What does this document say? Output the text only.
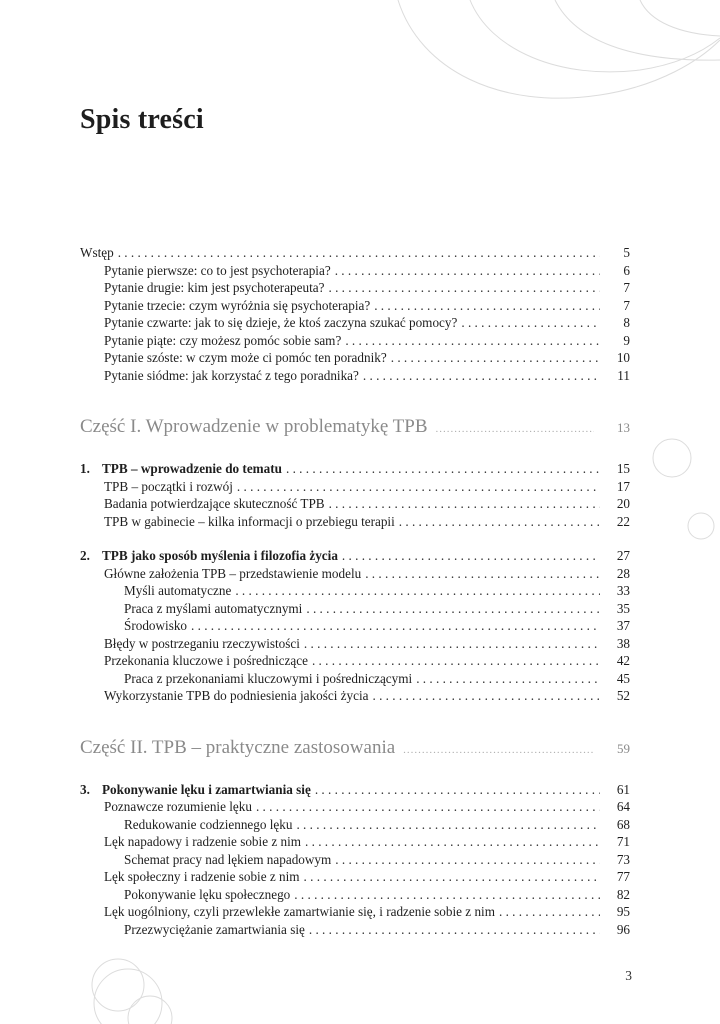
Spis treści
Wstęp . . .	5
Pytanie pierwsze: co to jest psychoterapia? . . .	6
Pytanie drugie: kim jest psychoterapeuta? . . .	7
Pytanie trzecie: czym wyróżnia się psychoterapia? . . .	7
Pytanie czwarte: jak to się dzieje, że ktoś zaczyna szukać pomocy? . . .	8
Pytanie piąte: czy możesz pomóc sobie sam? . . .	9
Pytanie szóste: w czym może ci pomóc ten poradnik? . . .	10
Pytanie siódme: jak korzystać z tego poradnika? . . .	11
Część I. Wprowadzenie w problematykę TPB .....	13
1. TPB – wprowadzenie do tematu . . .	15
TPB – początki i rozwój . . .	17
Badania potwierdzające skuteczność TPB . . .	20
TPB w gabinecie – kilka informacji o przebiegu terapii . . .	22
2. TPB jako sposób myślenia i filozofia życia . . .	27
Główne założenia TPB – przedstawienie modelu . . .	28
Myśli automatyczne . . .	33
Praca z myślami automatycznymi . . .	35
Środowisko . . .	37
Błędy w postrzeganiu rzeczywistości . . .	38
Przekonania kluczowe i pośredniczące . . .	42
Praca z przekonaniami kluczowymi i pośredniczącymi . . .	45
Wykorzystanie TPB do podniesienia jakości życia . . .	52
Część II. TPB – praktyczne zastosowania .....	59
3. Pokonywanie lęku i zamartwiania się . . .	61
Poznawcze rozumienie lęku . . .	64
Redukowanie codziennego lęku . . .	68
Lęk napadowy i radzenie sobie z nim . . .	71
Schemat pracy nad lękiem napadowym . . .	73
Lęk społeczny i radzenie sobie z nim . . .	77
Pokonywanie lęku społecznego . . .	82
Lęk uogólniony, czyli przewlekłe zamartwianie się, i radzenie sobie z nim . . .	95
Przezwyciężanie zamartwiania się . . .	96
3
